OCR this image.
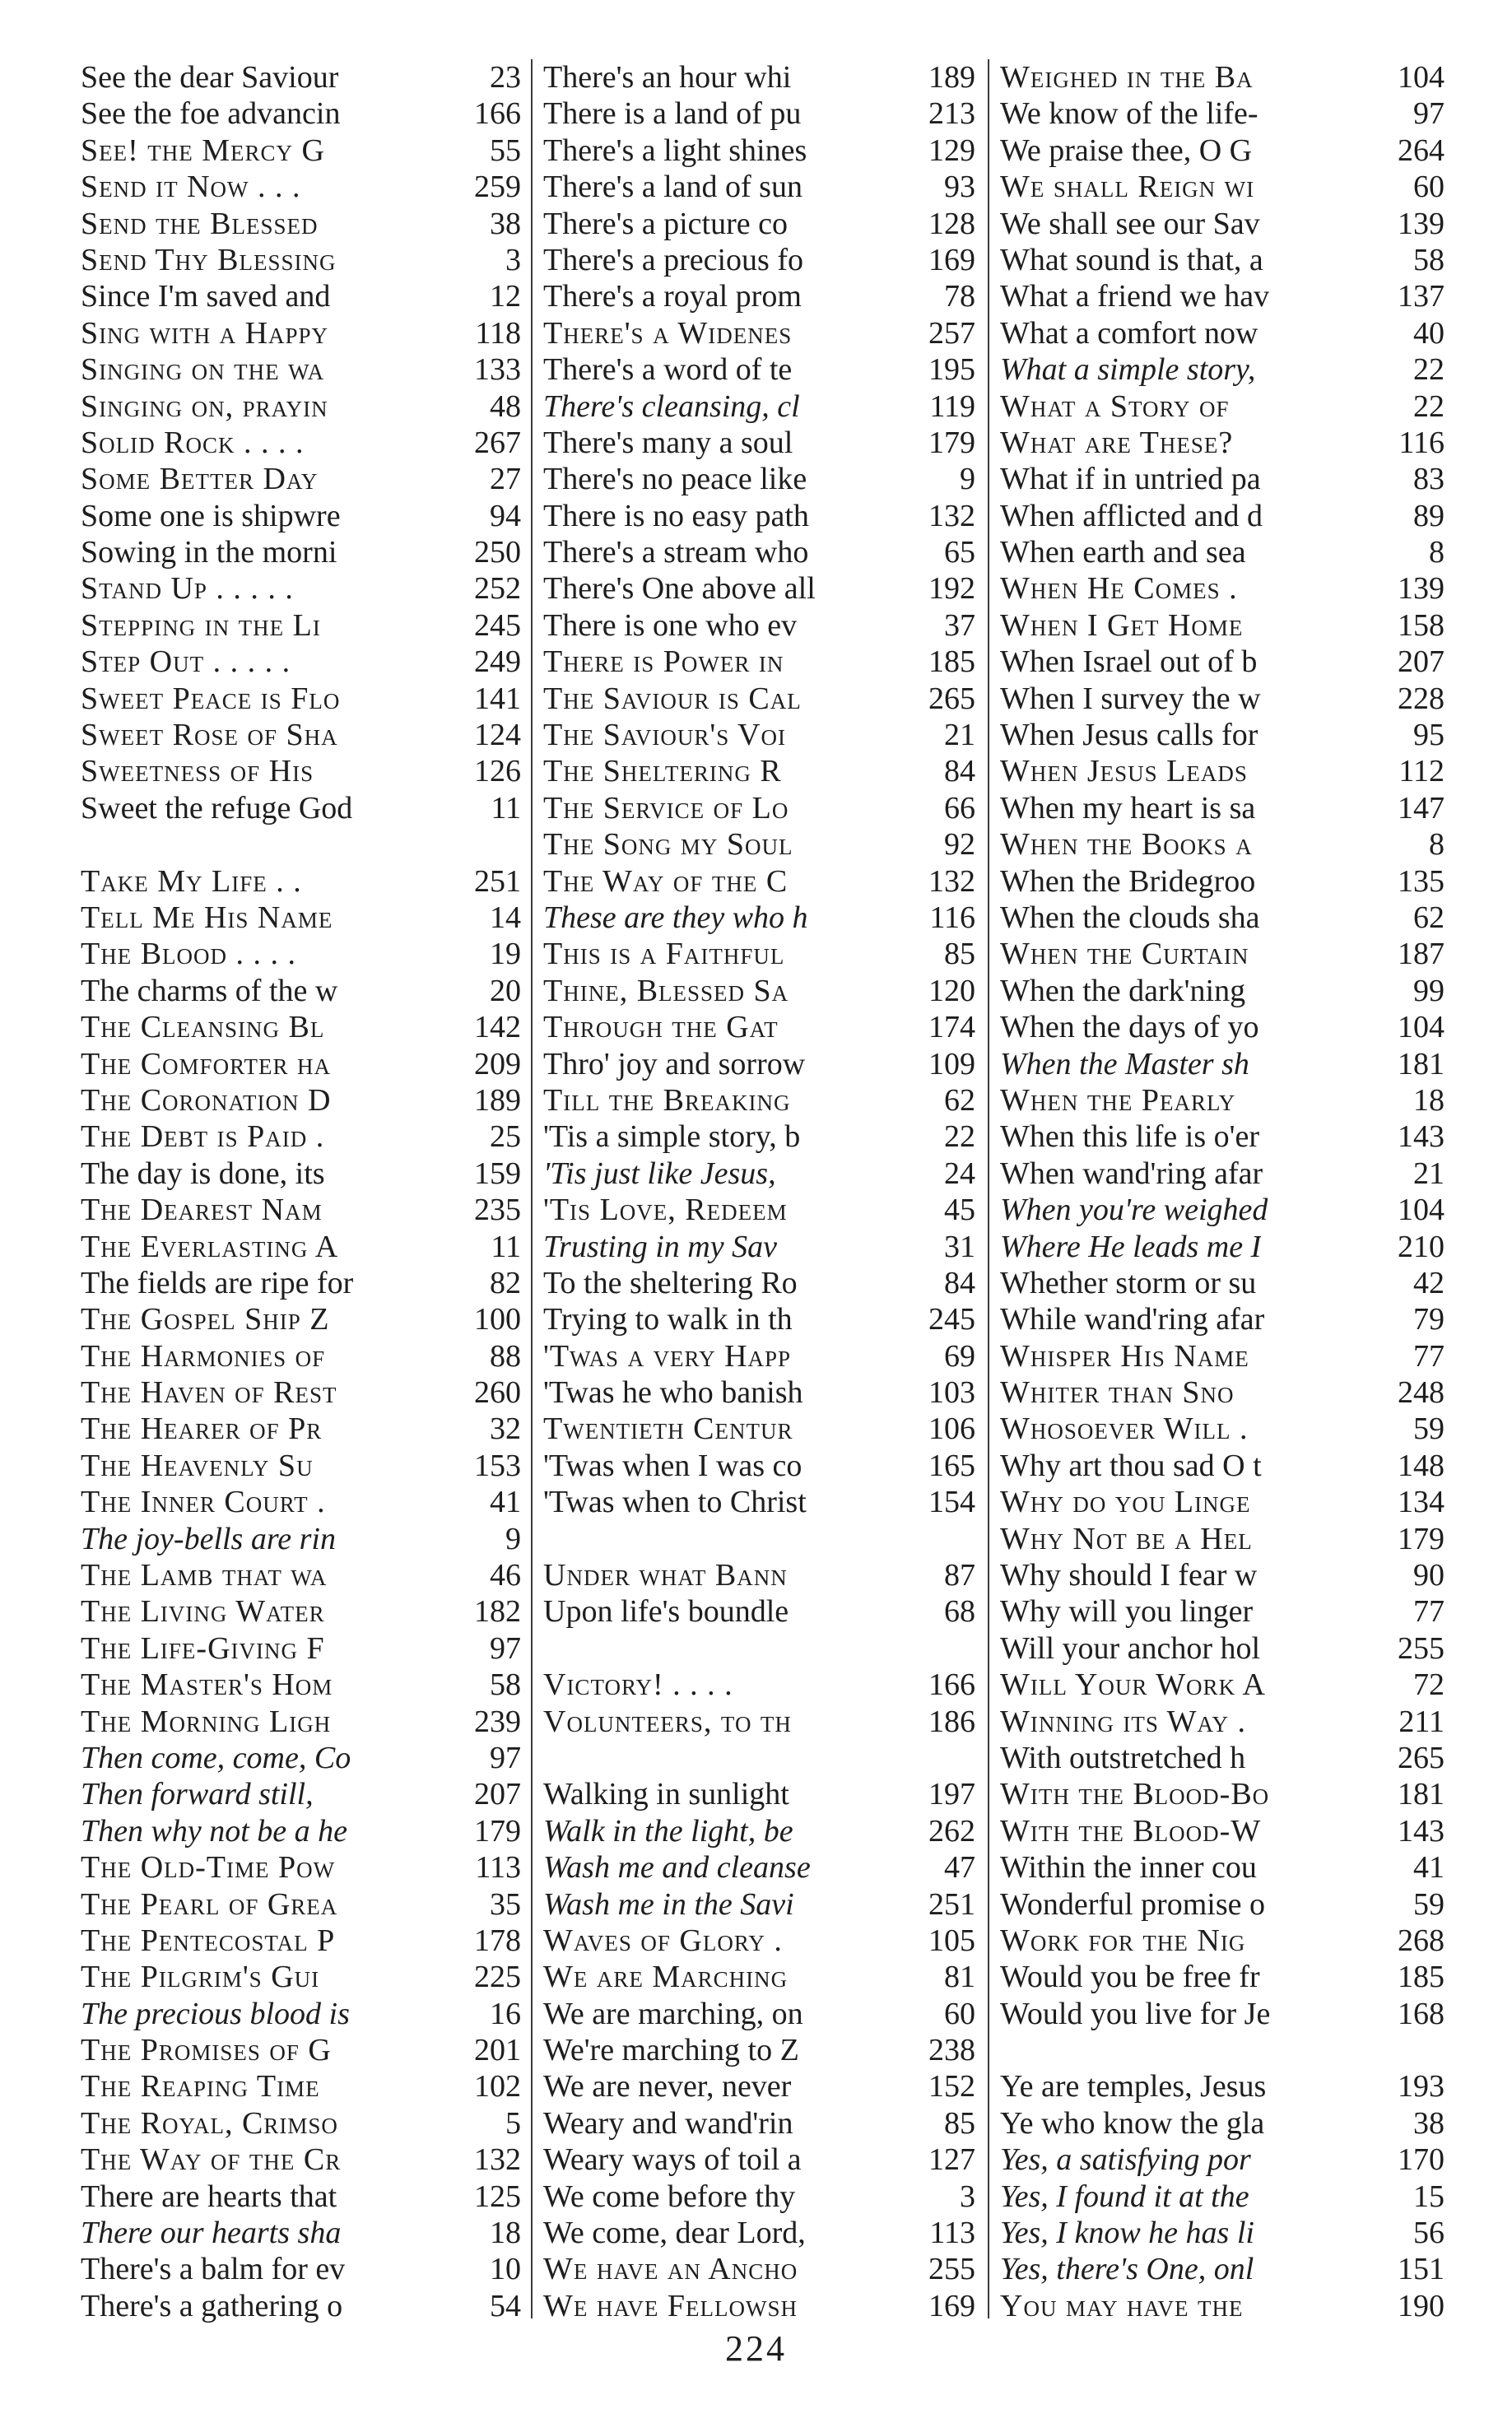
See the dear Saviour	23
See the foe advancin	166
See! the Mercy G	55
Send it Now . . .	259
Send the Blessed	38
Send Thy Blessing	3
Since I'm saved and	12
Sing with a Happy	118
Singing on the wa	133
Singing on, prayin	48
Solid Rock . . . .	267
Some Better Day	27
Some one is shipwre	94
Sowing in the morni	250
Stand Up . . . . .	252
Stepping in the Li	245
Step Out . . . . .	249
Sweet Peace is Flo	141
Sweet Rose of Sha	124
Sweetness of His	126
Sweet the refuge God	11
Take My Life . .	251
Tell Me His Name	14
The Blood . . . .	19
The charms of the w	20
The Cleansing Bl	142
The Comforter ha	209
The Coronation D	189
The Debt is Paid .	25
The day is done, its	159
The Dearest Nam	235
The Everlasting A	11
The fields are ripe for	82
The Gospel Ship Z	100
The Harmonies of	88
The Haven of Rest	260
The Hearer of Pr	32
The Heavenly Su	153
The Inner Court .	41
The joy-bells are rin	9
The Lamb that wa	46
The Living Water	182
The Life-Giving F	97
The Master's Hom	58
The Morning Ligh	239
Then come, come, Co	97
Then forward still,	207
Then why not be a he	179
The Old-Time Pow	113
The Pearl of Grea	35
The Pentecostal P	178
The Pilgrim's Gui	225
The precious blood is	16
The Promises of G	201
The Reaping Time	102
The Royal, Crimso	5
The Way of the Cr	132
There are hearts that	125
There our hearts sha	18
There's a balm for ev	10
There's a gathering o	54
There's an hour whi	189
There is a land of pu	213
There's a light shines	129
There's a land of sun	93
There's a picture co	128
There's a precious fo	169
There's a royal prom	78
There's a Widenes	257
There's a word of te	195
There's cleansing, cl	119
There's many a soul	179
There's no peace like	9
There is no easy path	132
There's a stream who	65
There's One above all	192
There is one who ev	37
There is Power in	185
The Saviour is Cal	265
The Saviour's Voi	21
The Sheltering R	84
The Service of Lo	66
The Song my Soul	92
The Way of the C	132
These are they who h	116
This is a Faithful	85
Thine, Blessed Sa	120
Through the Gat	174
Thro' joy and sorrow	109
Till the Breaking	62
'Tis a simple story, b	22
'Tis just like Jesus,	24
'Tis Love, Redeem	45
Trusting in my Sav	31
To the sheltering Ro	84
Trying to walk in th	245
'Twas a very Happ	69
'Twas he who banish	103
Twentieth Centur	106
'Twas when I was co	165
'Twas when to Christ	154
Under what Bann	87
Upon life's boundle	68
Victory! . . . .	166
Volunteers, to th	186
Walking in sunlight	197
Walk in the light, be	262
Wash me and cleanse	47
Wash me in the Savi	251
Waves of Glory .	105
We are Marching	81
We are marching, on	60
We're marching to Z	238
We are never, never	152
Weary and wand'rin	85
Weary ways of toil a	127
We come before thy	3
We come, dear Lord,	113
We have an Ancho	255
We have Fellowsh	169
Weighed in the Ba	104
We know of the life-	97
We praise thee, O G	264
We shall Reign wi	60
We shall see our Sav	139
What sound is that, a	58
What a friend we hav	137
What a comfort now	40
What a simple story,	22
What a Story of	22
What are These?	116
What if in untried pa	83
When afflicted and d	89
When earth and sea	8
When He Comes .	139
When I Get Home	158
When Israel out of b	207
When I survey the w	228
When Jesus calls for	95
When Jesus Leads	112
When my heart is sa	147
When the Books a	8
When the Bridegroo	135
When the clouds sha	62
When the Curtain	187
When the dark'ning	99
When the days of yo	104
When the Master sh	181
When the Pearly	18
When this life is o'er	143
When wand'ring afar	21
When you're weighed	104
Where He leads me I	210
Whether storm or su	42
While wand'ring afar	79
Whisper His Name	77
Whiter than Sno	248
Whosoever Will .	59
Why art thou sad O t	148
Why do you Linge	134
Why Not be a Hel	179
Why should I fear w	90
Why will you linger	77
Will your anchor hol	255
Will Your Work A	72
Winning its Way .	211
With outstretched h	265
With the Blood-Bo	181
With the Blood-W	143
Within the inner cou	41
Wonderful promise o	59
Work for the Nig	268
Would you be free fr	185
Would you live for Je	168
Ye are temples, Jesus	193
Ye who know the gla	38
Yes, a satisfying por	170
Yes, I found it at the	15
Yes, I know he has li	56
Yes, there's One, onl	151
You may have the	190
224
